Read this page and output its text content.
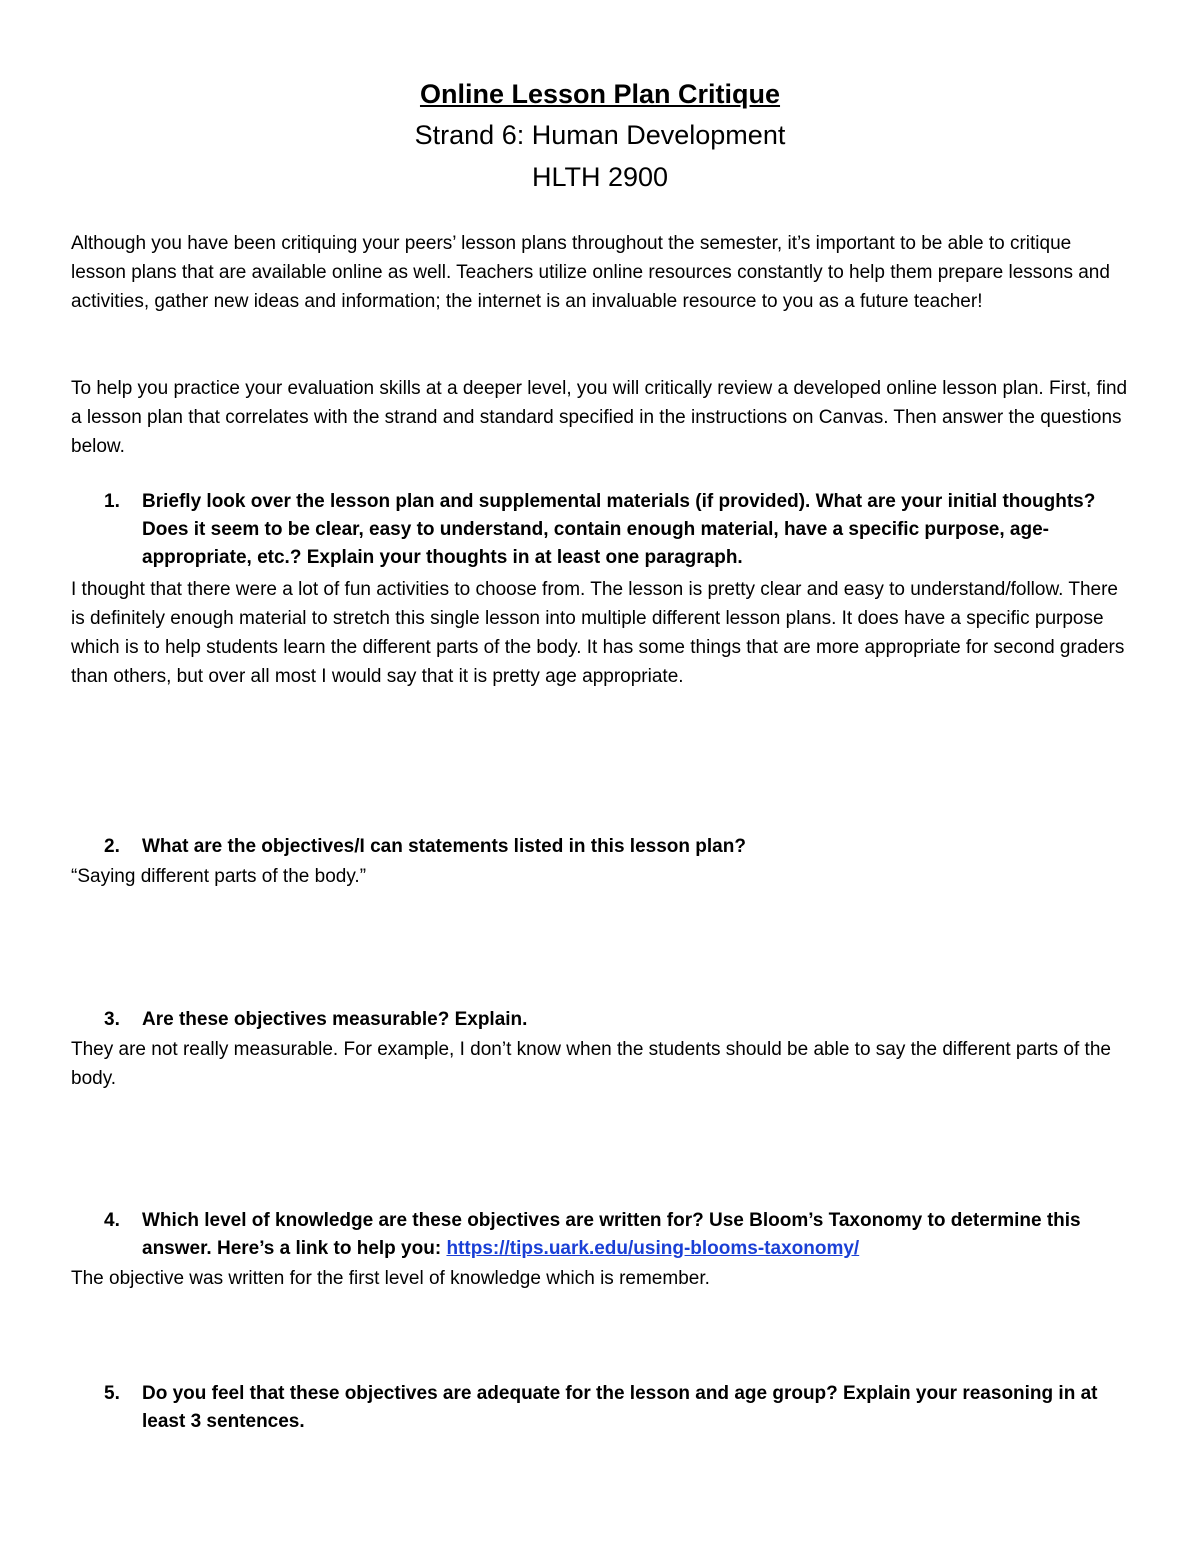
Online Lesson Plan Critique

Strand 6: Human Development

HLTH 2900

Although you have been critiquing your peers’ lesson plans throughout the semester, it’s important to be able to critique lesson plans that are available online as well. Teachers utilize online resources constantly to help them prepare lessons and activities, gather new ideas and information; the internet is an invaluable resource to you as a future teacher!

To help you practice your evaluation skills at a deeper level, you will critically review a developed online lesson plan. First, find a lesson plan that correlates with the strand and standard specified in the instructions on Canvas. Then answer the questions below.

1.	Briefly look over the lesson plan and supplemental materials (if provided). What are your initial thoughts? Does it seem to be clear, easy to understand, contain enough material, have a specific purpose, age-appropriate, etc.? Explain your thoughts in at least one paragraph.

I thought that there were a lot of fun activities to choose from. The lesson is pretty clear and easy to understand/follow. There is definitely enough material to stretch this single lesson into multiple different lesson plans. It does have a specific purpose which is to help students learn the different parts of the body. It has some things that are more appropriate for second graders than others, but over all most I would say that it is pretty age appropriate.

2.	What are the objectives/I can statements listed in this lesson plan?

“Saying different parts of the body.”

3.	Are these objectives measurable? Explain.

They are not really measurable. For example, I don’t know when the students should be able to say the different parts of the body.

4.	Which level of knowledge are these objectives are written for? Use Bloom’s Taxonomy to determine this answer. Here’s a link to help you: https://tips.uark.edu/using-blooms-taxonomy/

The objective was written for the first level of knowledge which is remember.

5.	Do you feel that these objectives are adequate for the lesson and age group? Explain your reasoning in at least 3 sentences.
